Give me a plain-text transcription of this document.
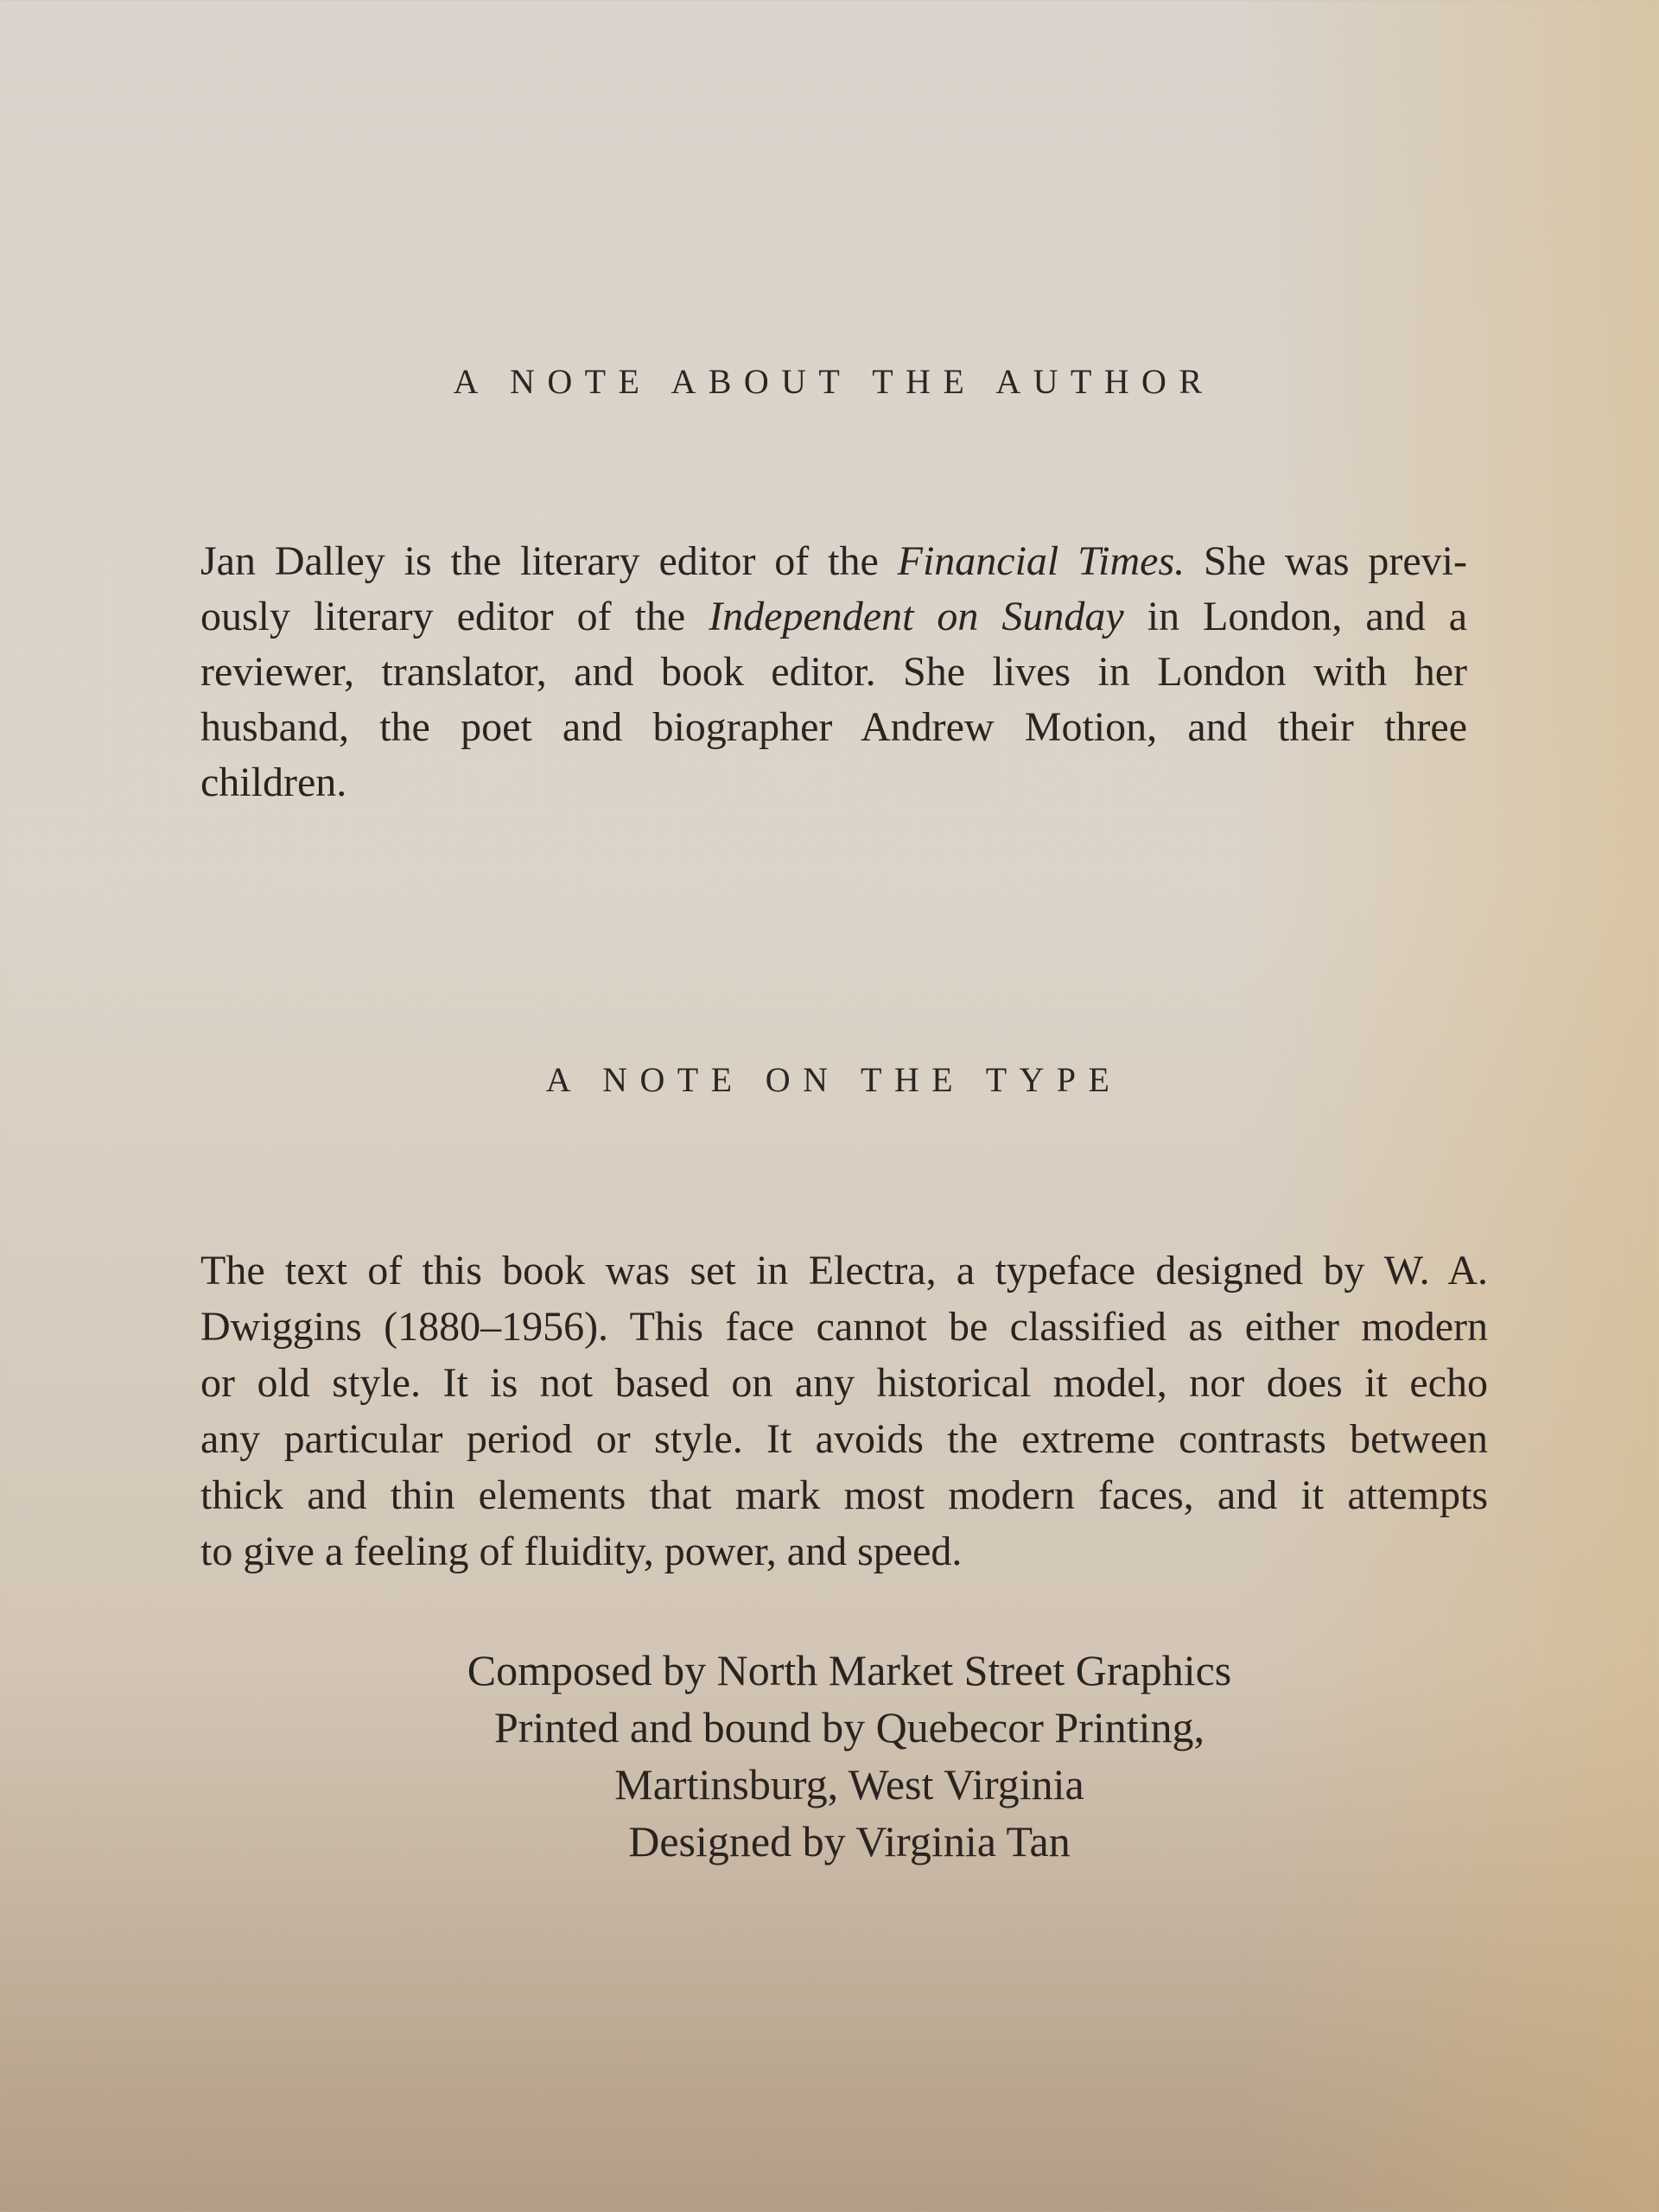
A NOTE ABOUT THE AUTHOR
Jan Dalley is the literary editor of the Financial Times. She was previ-
ously literary editor of the Independent on Sunday in London, and a
reviewer, translator, and book editor. She lives in London with her
husband, the poet and biographer Andrew Motion, and their three
children.
A NOTE ON THE TYPE
The text of this book was set in Electra, a typeface designed by W. A.
Dwiggins (1880–1956). This face cannot be classified as either modern
or old style. It is not based on any historical model, nor does it echo
any particular period or style. It avoids the extreme contrasts between
thick and thin elements that mark most modern faces, and it attempts
to give a feeling of fluidity, power, and speed.
Composed by North Market Street Graphics
Printed and bound by Quebecor Printing,
Martinsburg, West Virginia
Designed by Virginia Tan
